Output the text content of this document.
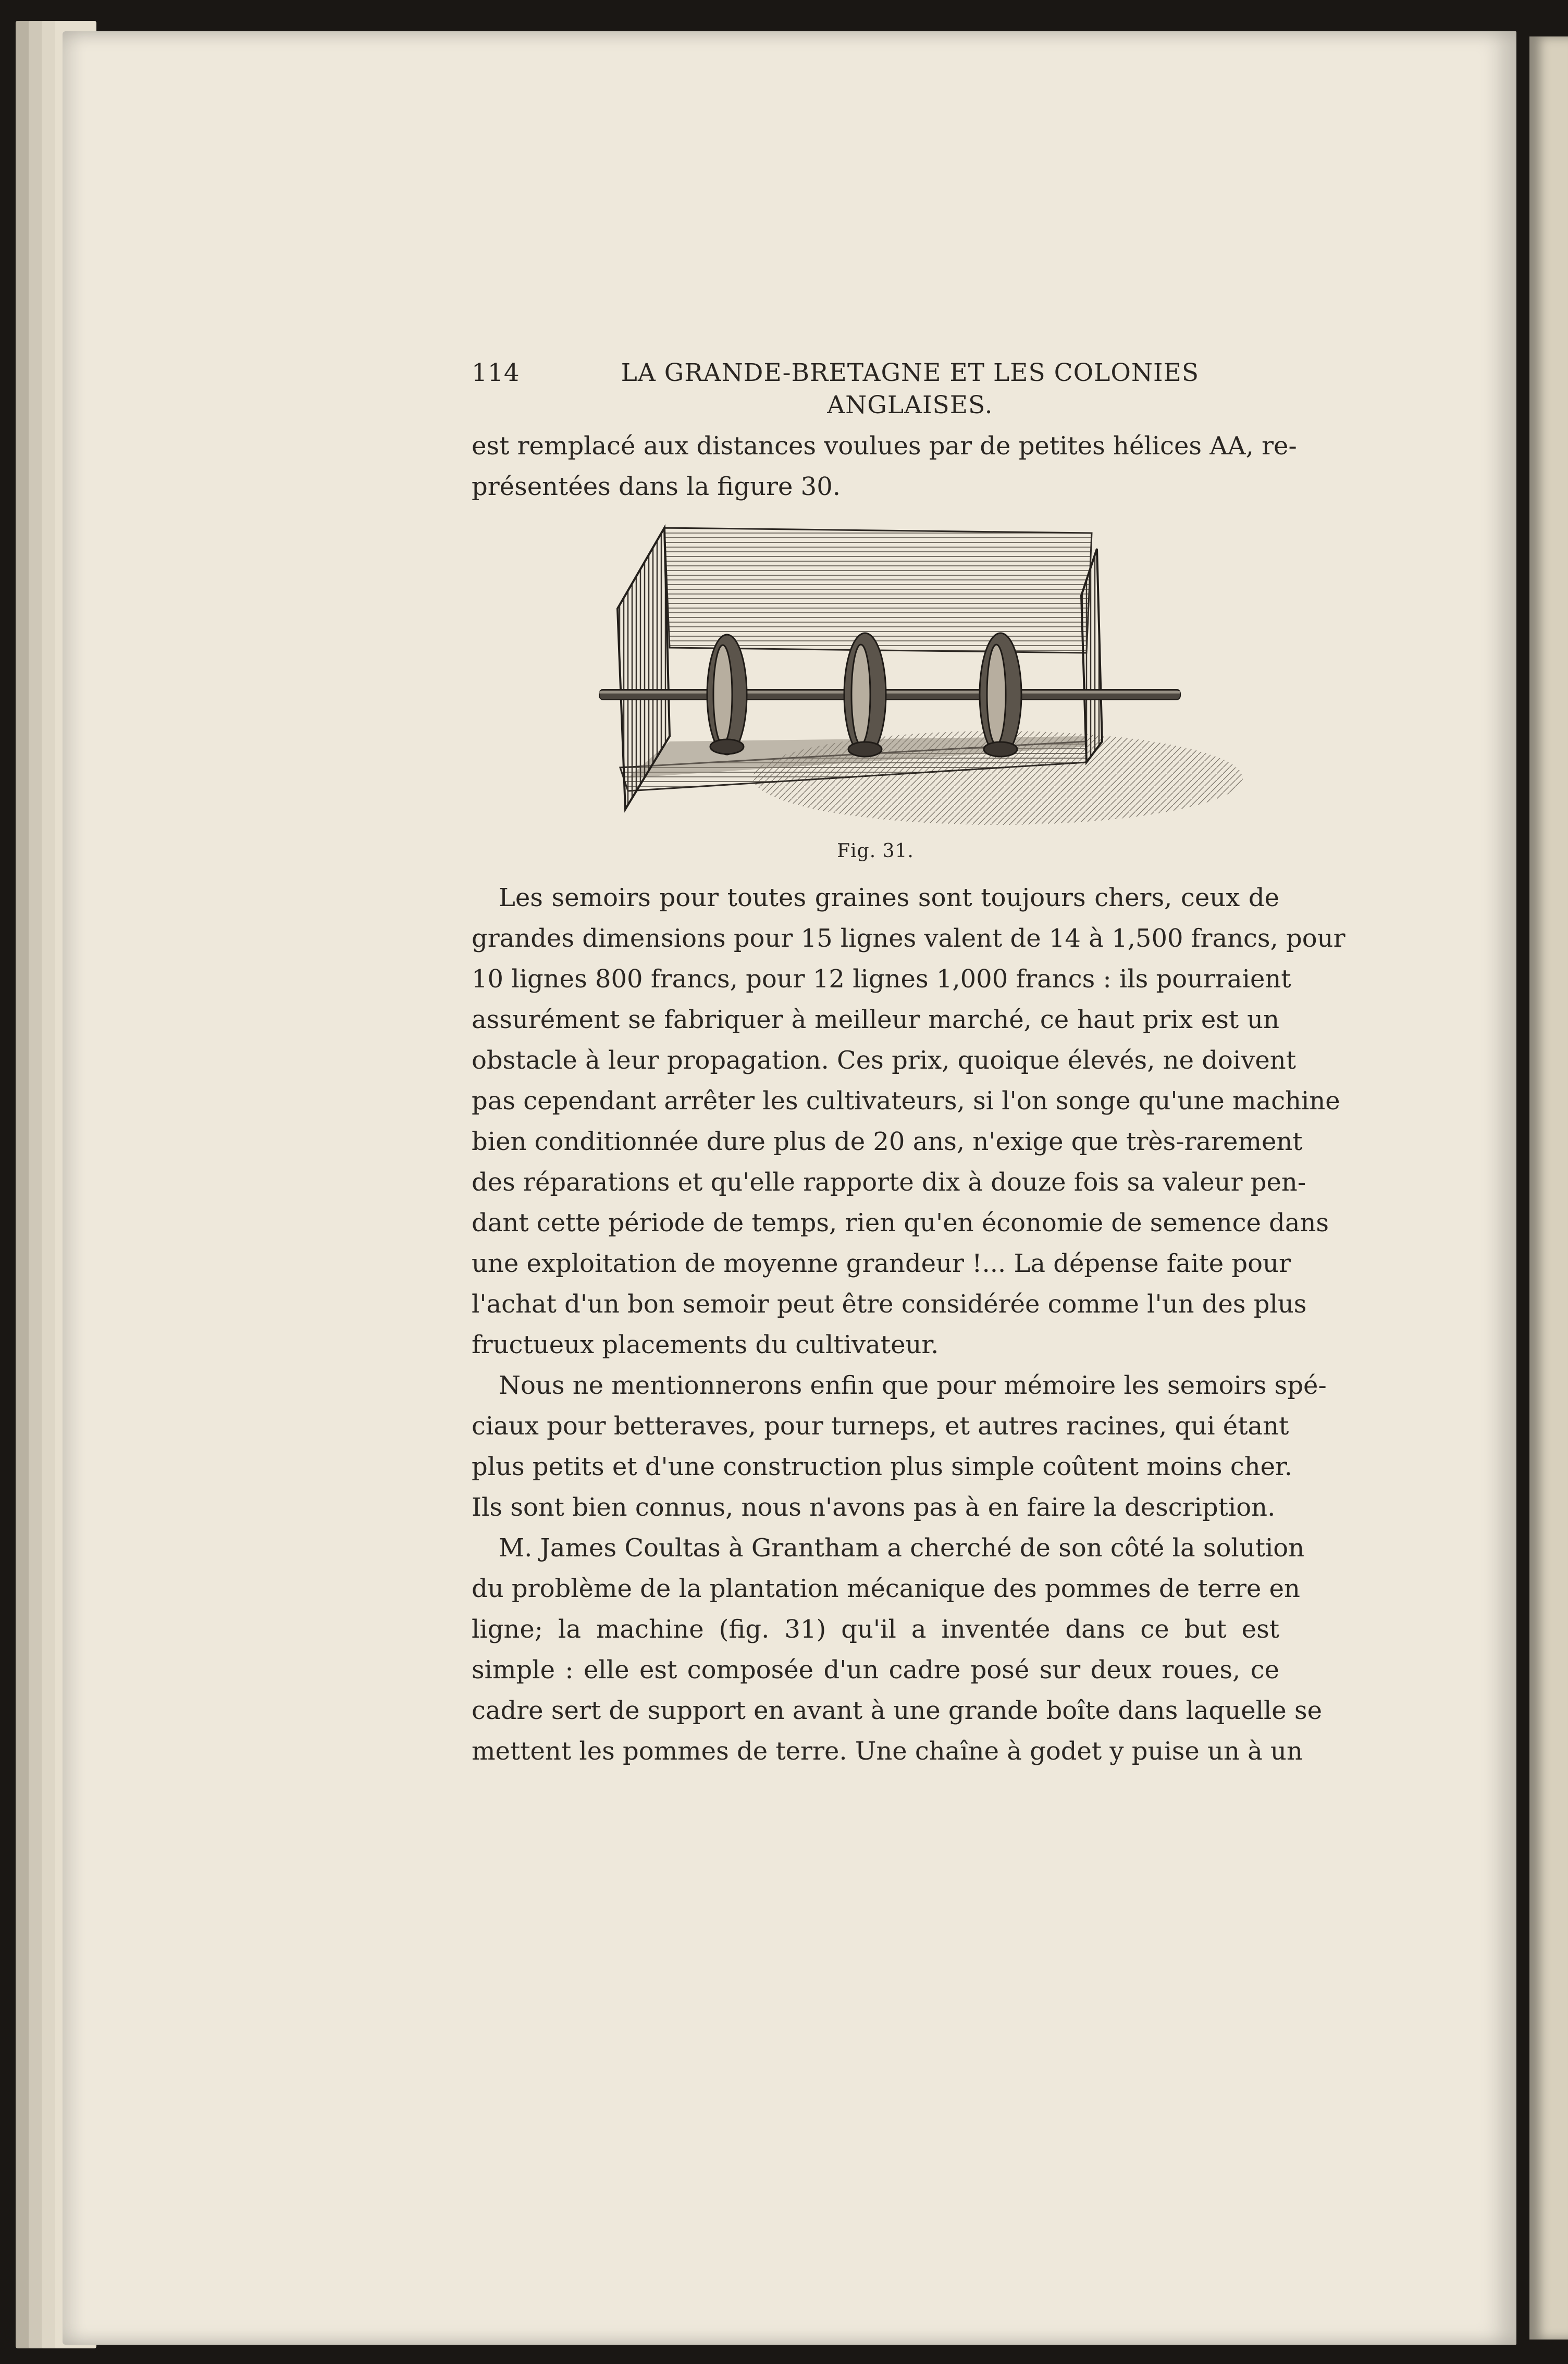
114	LA GRANDE-BRETAGNE ET LES COLONIES ANGLAISES.
est remplacé aux distances voulues par de petites hélices AA, re-
présentées dans la figure 30.
Fig. 31.
Les semoirs pour toutes graines sont toujours chers, ceux de
grandes dimensions pour 15 lignes valent de 14 à 1,500 francs, pour
10 lignes 800 francs, pour 12 lignes 1,000 francs : ils pourraient
assurément se fabriquer à meilleur marché, ce haut prix est un
obstacle à leur propagation. Ces prix, quoique élevés, ne doivent
pas cependant arrêter les cultivateurs, si l'on songe qu'une machine
bien conditionnée dure plus de 20 ans, n'exige que très-rarement
des réparations et qu'elle rapporte dix à douze fois sa valeur pen-
dant cette période de temps, rien qu'en économie de semence dans
une exploitation de moyenne grandeur !... La dépense faite pour
l'achat d'un bon semoir peut être considérée comme l'un des plus
fructueux placements du cultivateur.
Nous ne mentionnerons enfin que pour mémoire les semoirs spé-
ciaux pour betteraves, pour turneps, et autres racines, qui étant
plus petits et d'une construction plus simple coûtent moins cher.
Ils sont bien connus, nous n'avons pas à en faire la description.
M. James Coultas à Grantham a cherché de son côté la solution
du problème de la plantation mécanique des pommes de terre en
ligne; la machine (fig. 31) qu'il a inventée dans ce but est
simple : elle est composée d'un cadre posé sur deux roues, ce
cadre sert de support en avant à une grande boîte dans laquelle se
mettent les pommes de terre. Une chaîne à godet y puise un à un
